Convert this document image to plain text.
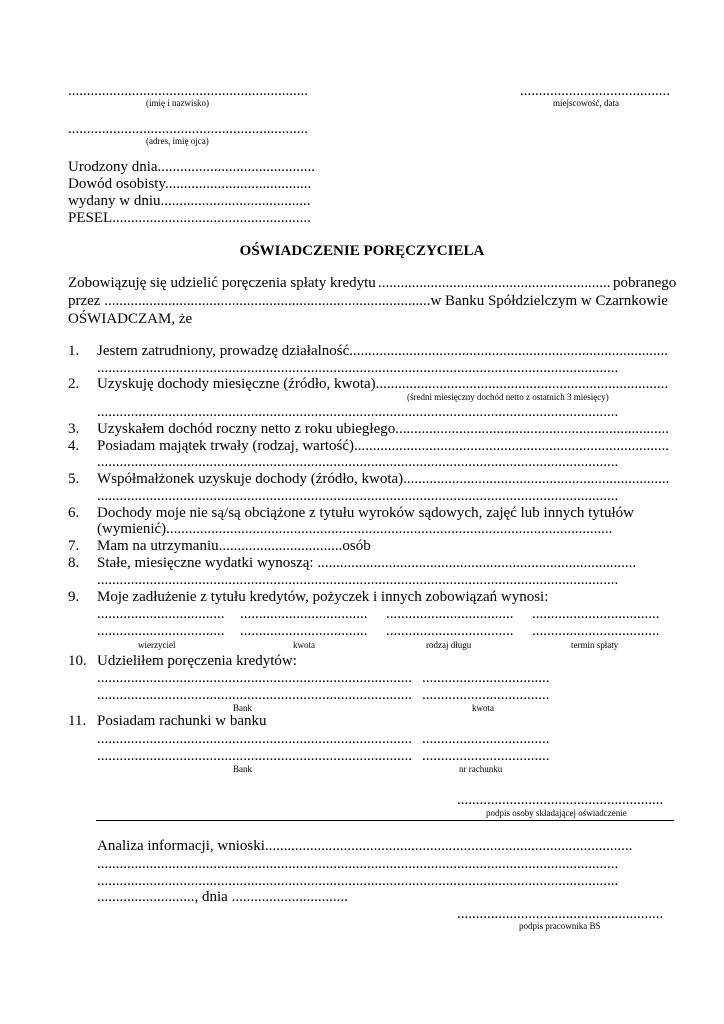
................................................................
(imię i nazwisko)
........................................
miejscowość, data
................................................................
(adres, imię ojca)
Urodzony dnia..........................................
Dowód osobisty.......................................
wydany w dniu........................................
PESEL.....................................................
OŚWIADCZENIE PORĘCZYCIELA
Zobowiązuję się udzielić poręczenia spłaty kredytu .............................................................. pobranego
przez .......................................................................................w Banku Spółdzielczym w Czarnkowie
OŚWIADCZAM, że
1. Jestem zatrudniony, prowadzę działalność.....................................................................................
...........................................................................................................................................
2. Uzyskuję dochody miesięczne (źródło, kwota)..............................................................................
(średni miesięczny dochód netto z ostatnich 3 miesięcy)
...........................................................................................................................................
3. Uzyskałem dochód roczny netto z roku ubiegłego.........................................................................
4. Posiadam majątek trwały (rodzaj, wartość)....................................................................................
...........................................................................................................................................
5. Współmałżonek uzyskuje dochody (źródło, kwota).......................................................................
...........................................................................................................................................
6. Dochody moje nie są/są obciążone z tytułu wyroków sądowych, zajęć lub innych tytułów
(wymienić).......................................................................................................................
7. Mam na utrzymaniu.................................osób
8. Stałe, miesięczne wydatki wynoszą: .....................................................................................
...........................................................................................................................................
9. Moje zadłużenie z tytułu kredytów, pożyczek i innych zobowiązań wynosi:
.................................. .................................. .................................. ..................................
.................................. .................................. .................................. ..................................
wierzyciel	kwota	rodzaj długu	termin spłaty
10. Udzieliłem poręczenia kredytów:
.................................................................................... ..................................
.................................................................................... ..................................
Bank	kwota
11. Posiadam rachunki w banku
.................................................................................... ..................................
.................................................................................... ..................................
Bank	nr rachunku
.......................................................
podpis osoby składającej oświadczenie
Analiza informacji, wnioski..................................................................................................
...........................................................................................................................................
...........................................................................................................................................
.........................., dnia ...............................
.......................................................
podpis pracownika BS
